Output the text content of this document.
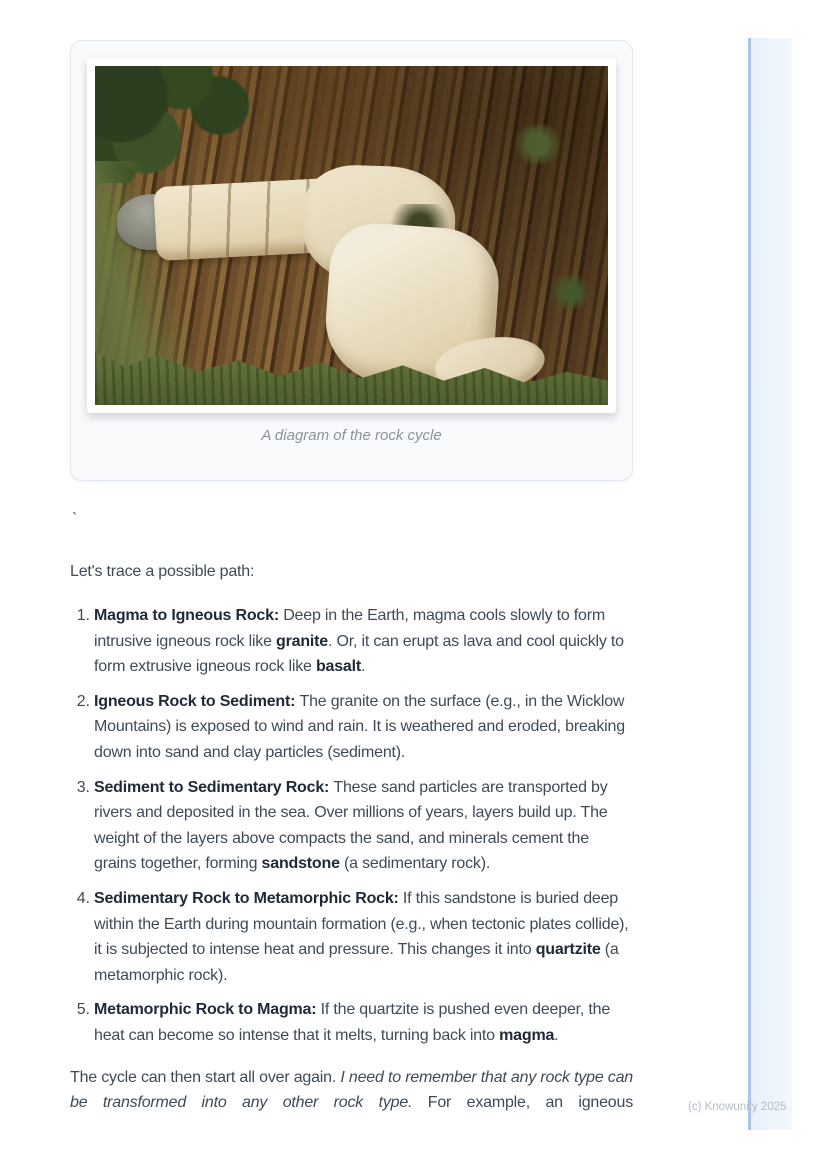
A diagram of the rock cycle

`

Let's trace a possible path:

1. Magma to Igneous Rock: Deep in the Earth, magma cools slowly to form intrusive igneous rock like granite. Or, it can erupt as lava and cool quickly to form extrusive igneous rock like basalt.
2. Igneous Rock to Sediment: The granite on the surface (e.g., in the Wicklow Mountains) is exposed to wind and rain. It is weathered and eroded, breaking down into sand and clay particles (sediment).
3. Sediment to Sedimentary Rock: These sand particles are transported by rivers and deposited in the sea. Over millions of years, layers build up. The weight of the layers above compacts the sand, and minerals cement the grains together, forming sandstone (a sedimentary rock).
4. Sedimentary Rock to Metamorphic Rock: If this sandstone is buried deep within the Earth during mountain formation (e.g., when tectonic plates collide), it is subjected to intense heat and pressure. This changes it into quartzite (a metamorphic rock).
5. Metamorphic Rock to Magma: If the quartzite is pushed even deeper, the heat can become so intense that it melts, turning back into magma.

The cycle can then start all over again. I need to remember that any rock type can be transformed into any other rock type. For example, an igneous	(c) Knowunity 2025
